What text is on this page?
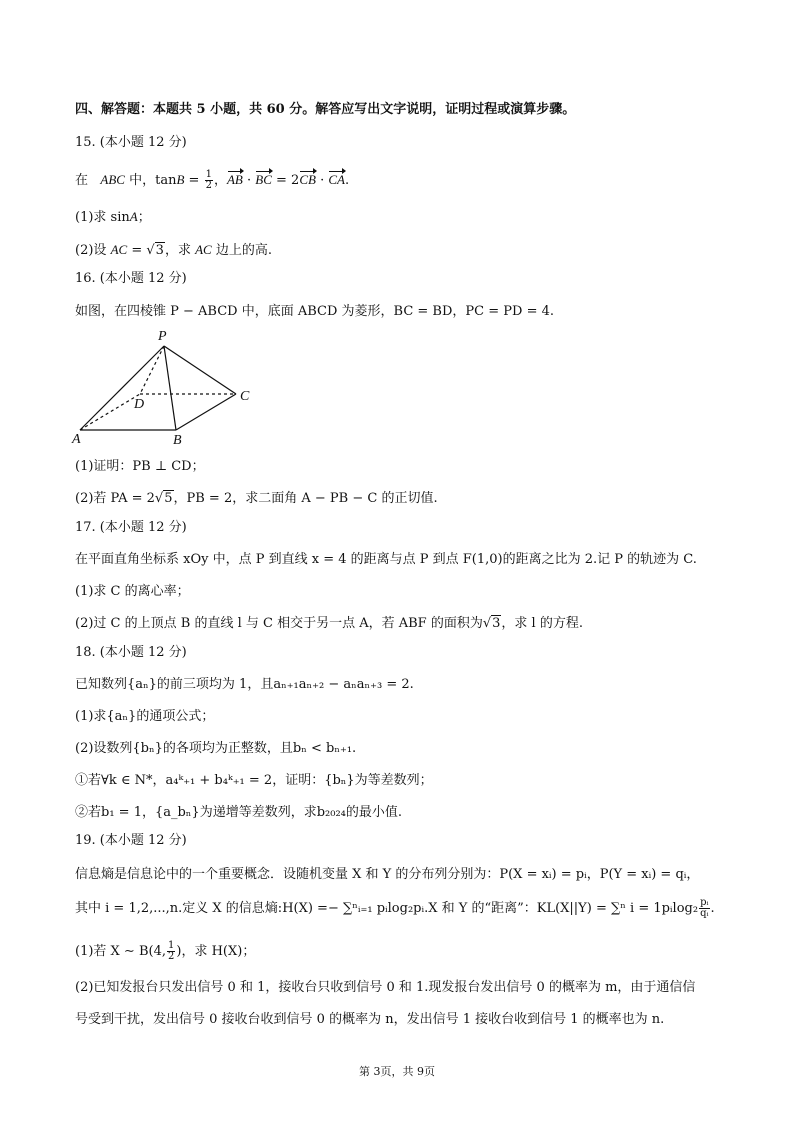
四、解答题：本题共 5 小题，共 60 分。解答应写出文字说明，证明过程或演算步骤。
15. (本小题 12 分)
在   ABC 中，$\tan B = \frac{1}{2}$ ，AB · BC = 2CB · CA.
(1)求 sinA；
(2)设 AC = √3，求 AC 边上的高.
16. (本小题 12 分)
如图，在四棱锥 P − ABCD 中，底面 ABCD 为菱形，BC = BD，PC = PD = 4.
P
D
C
A	B
(1)证明：PB ⊥ CD；
(2)若 PA = 2√5，PB = 2，求二面角 A − PB − C 的正切值.
17. (本小题 12 分)
在平面直角坐标系 xOy 中，点 P 到直线 x = 4 的距离与点 P 到点 F(1,0)的距离之比为 2.记 P 的轨迹为 C.
(1)求 C 的离心率；
(2)过 C 的上顶点 B 的直线 l 与 C 相交于另一点 A，若 ABF 的面积为√3，求 l 的方程.
18. (本小题 12 分)
已知数列{aₙ}的前三项均为 1，且aₙ₊₁aₙ₊₂ − aₙaₙ₊₃ = 2.
(1)求{aₙ}的通项公式；
(2)设数列{bₙ}的各项均为正整数，且bₙ < bₙ₊₁.
①若∀k ∈ N*，a₄ᵏ₊₁ + b₄ᵏ₊₁ = 2，证明：{bₙ}为等差数列；
②若b₁ = 1，{a_bₙ}为递增等差数列，求b₂₀₂₄的最小值.
19. (本小题 12 分)
信息熵是信息论中的一个重要概念．设随机变量 X 和 Y 的分布列分别为：P(X = xᵢ) = pᵢ，P(Y = xᵢ) = qᵢ，
其中 i = 1,2,...,n.定义 X 的信息熵:H(X) =− ∑ⁿᵢ₌₁ pᵢlog₂pᵢ.X 和 Y 的“距离”：KL(X||Y) = ∑ⁿ i = 1pᵢlog₂ $\frac{\text{pᵢ}}{\text{qᵢ}}$ .
(1)若 X ∼ B(4, $\frac{1}{2}$ )，求 H(X)；
(2)已知发报台只发出信号 0 和 1，接收台只收到信号 0 和 1.现发报台发出信号 0 的概率为 m，由于通信信
号受到干扰，发出信号 0 接收台收到信号 0 的概率为 n，发出信号 1 接收台收到信号 1 的概率也为 n.
第 3页，共 9页
